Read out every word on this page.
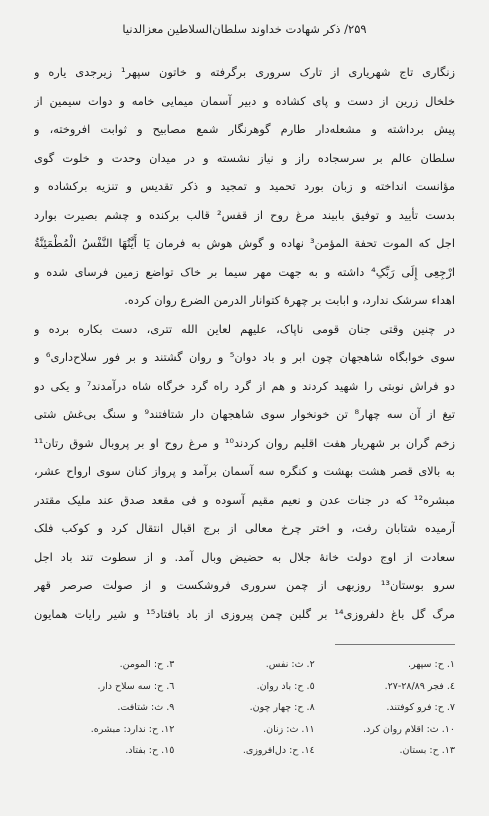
۲۵۹/ ذکر شهادت خداوند سلطان‌السلاطین معزالدنیا
زنگاری تاج شهریاری از تارک سروری برگرفته و خاتون سپهر¹ زیرجدی یاره و
خلخال زرین از دست و پای کشاده و دبیر آسمان میمایی خامه و دوات سیمین از
پیش برداشته و مشعله‌دار طارم گوهرنگار شمع مصابیح و ثوابت افروخته، و
سلطان عالم بر سرسجاده راز و نیاز نشسته و در میدان وحدت و خلوت گوی
مؤانست انداخته و زبان بورد تحمید و تمجید و ذکر تقدیس و تنزیه برکشاده و
بدست تأیید و توفیق بابیند مرغ روح از قفس² قالب برکنده و چشم بصیرت بوارد
اجل که الموت تحفة المؤمن³ نهاده و گوش هوش به فرمان یَا أَیَّتُهَا النَّفْسُ الْمُطْمَئِنَّةُ
ارْجِعِی إِلَی رَبِّکِ⁴ داشته و به جهت مهر سیما بر خاک تواضع زمین فرسای شده و
اهداء سرشک ندارد، و ابابت بر چهرهٔ کتوانار الدرمن الضرع روان کرده.
در چنین وقتی جنان قومی ناپاک، علیهم لعاین الله تتری، دست بکاره برده و
سوی خوابگاه شاهجهان چون ابر و باد دوان⁵ و روان گشتند و بر فور سلاح‌داری⁶ و
دو فراش نوبتی را شهید کردند و هم از گرد راه گرد خرگاه شاه درآمدند⁷ و یکی دو
تیغ از آن سه چهار⁸ تن خونخوار سوی شاهجهان دار شتافتند⁹ و سنگ بی‌غش شتی
زخم گران بر شهریار هفت اقلیم روان کردند¹⁰ و مرغ روح او بر پروبال شوق رتان¹¹
به بالای قصر هشت بهشت و کنگره سه آسمان برآمد و پرواز کنان سوی ارواح عشر،
مبشره¹² که در جنات عدن و نعیم مقیم آسوده و فی مقعد صدق عند ملیک مقتدر
آرمیده شتابان رفت، و اختر چرخ معالی از برج اقبال انتقال کرد و کوکب فلک
سعادت از اوج دولت خانهٔ جلال به حضیض وبال آمد. و از سطوت تند باد اجل
سرو بوستان¹³ روزبهی از چمن سروری فروشکست و از صولت صرصر قهر
مرگ گل باغ دلفروزی¹⁴ بر گلبن چمن پیروزی از باد بافتاد¹⁵ و شیر رایات همایون
١. ح: سپهر.
٢. ث: نفس.
٣. ح: المومن.
٤. فجر ٢٨/٨٩-٢٧.
٥. ح: باد روان.
٦. ح: سه سلاح دار.
٧. ح: فرو کوفتند.
٨. ح: چهار چون.
٩. ث: شتافت.
١٠. ث: اقلام روان کرد.
١١. ث: زنان.
١٢. ح: ندارد: مبشره.
١٣. ح: بستان.
١٤. ح: دل‌افروزی.
١٥. ح: بفتاد.
